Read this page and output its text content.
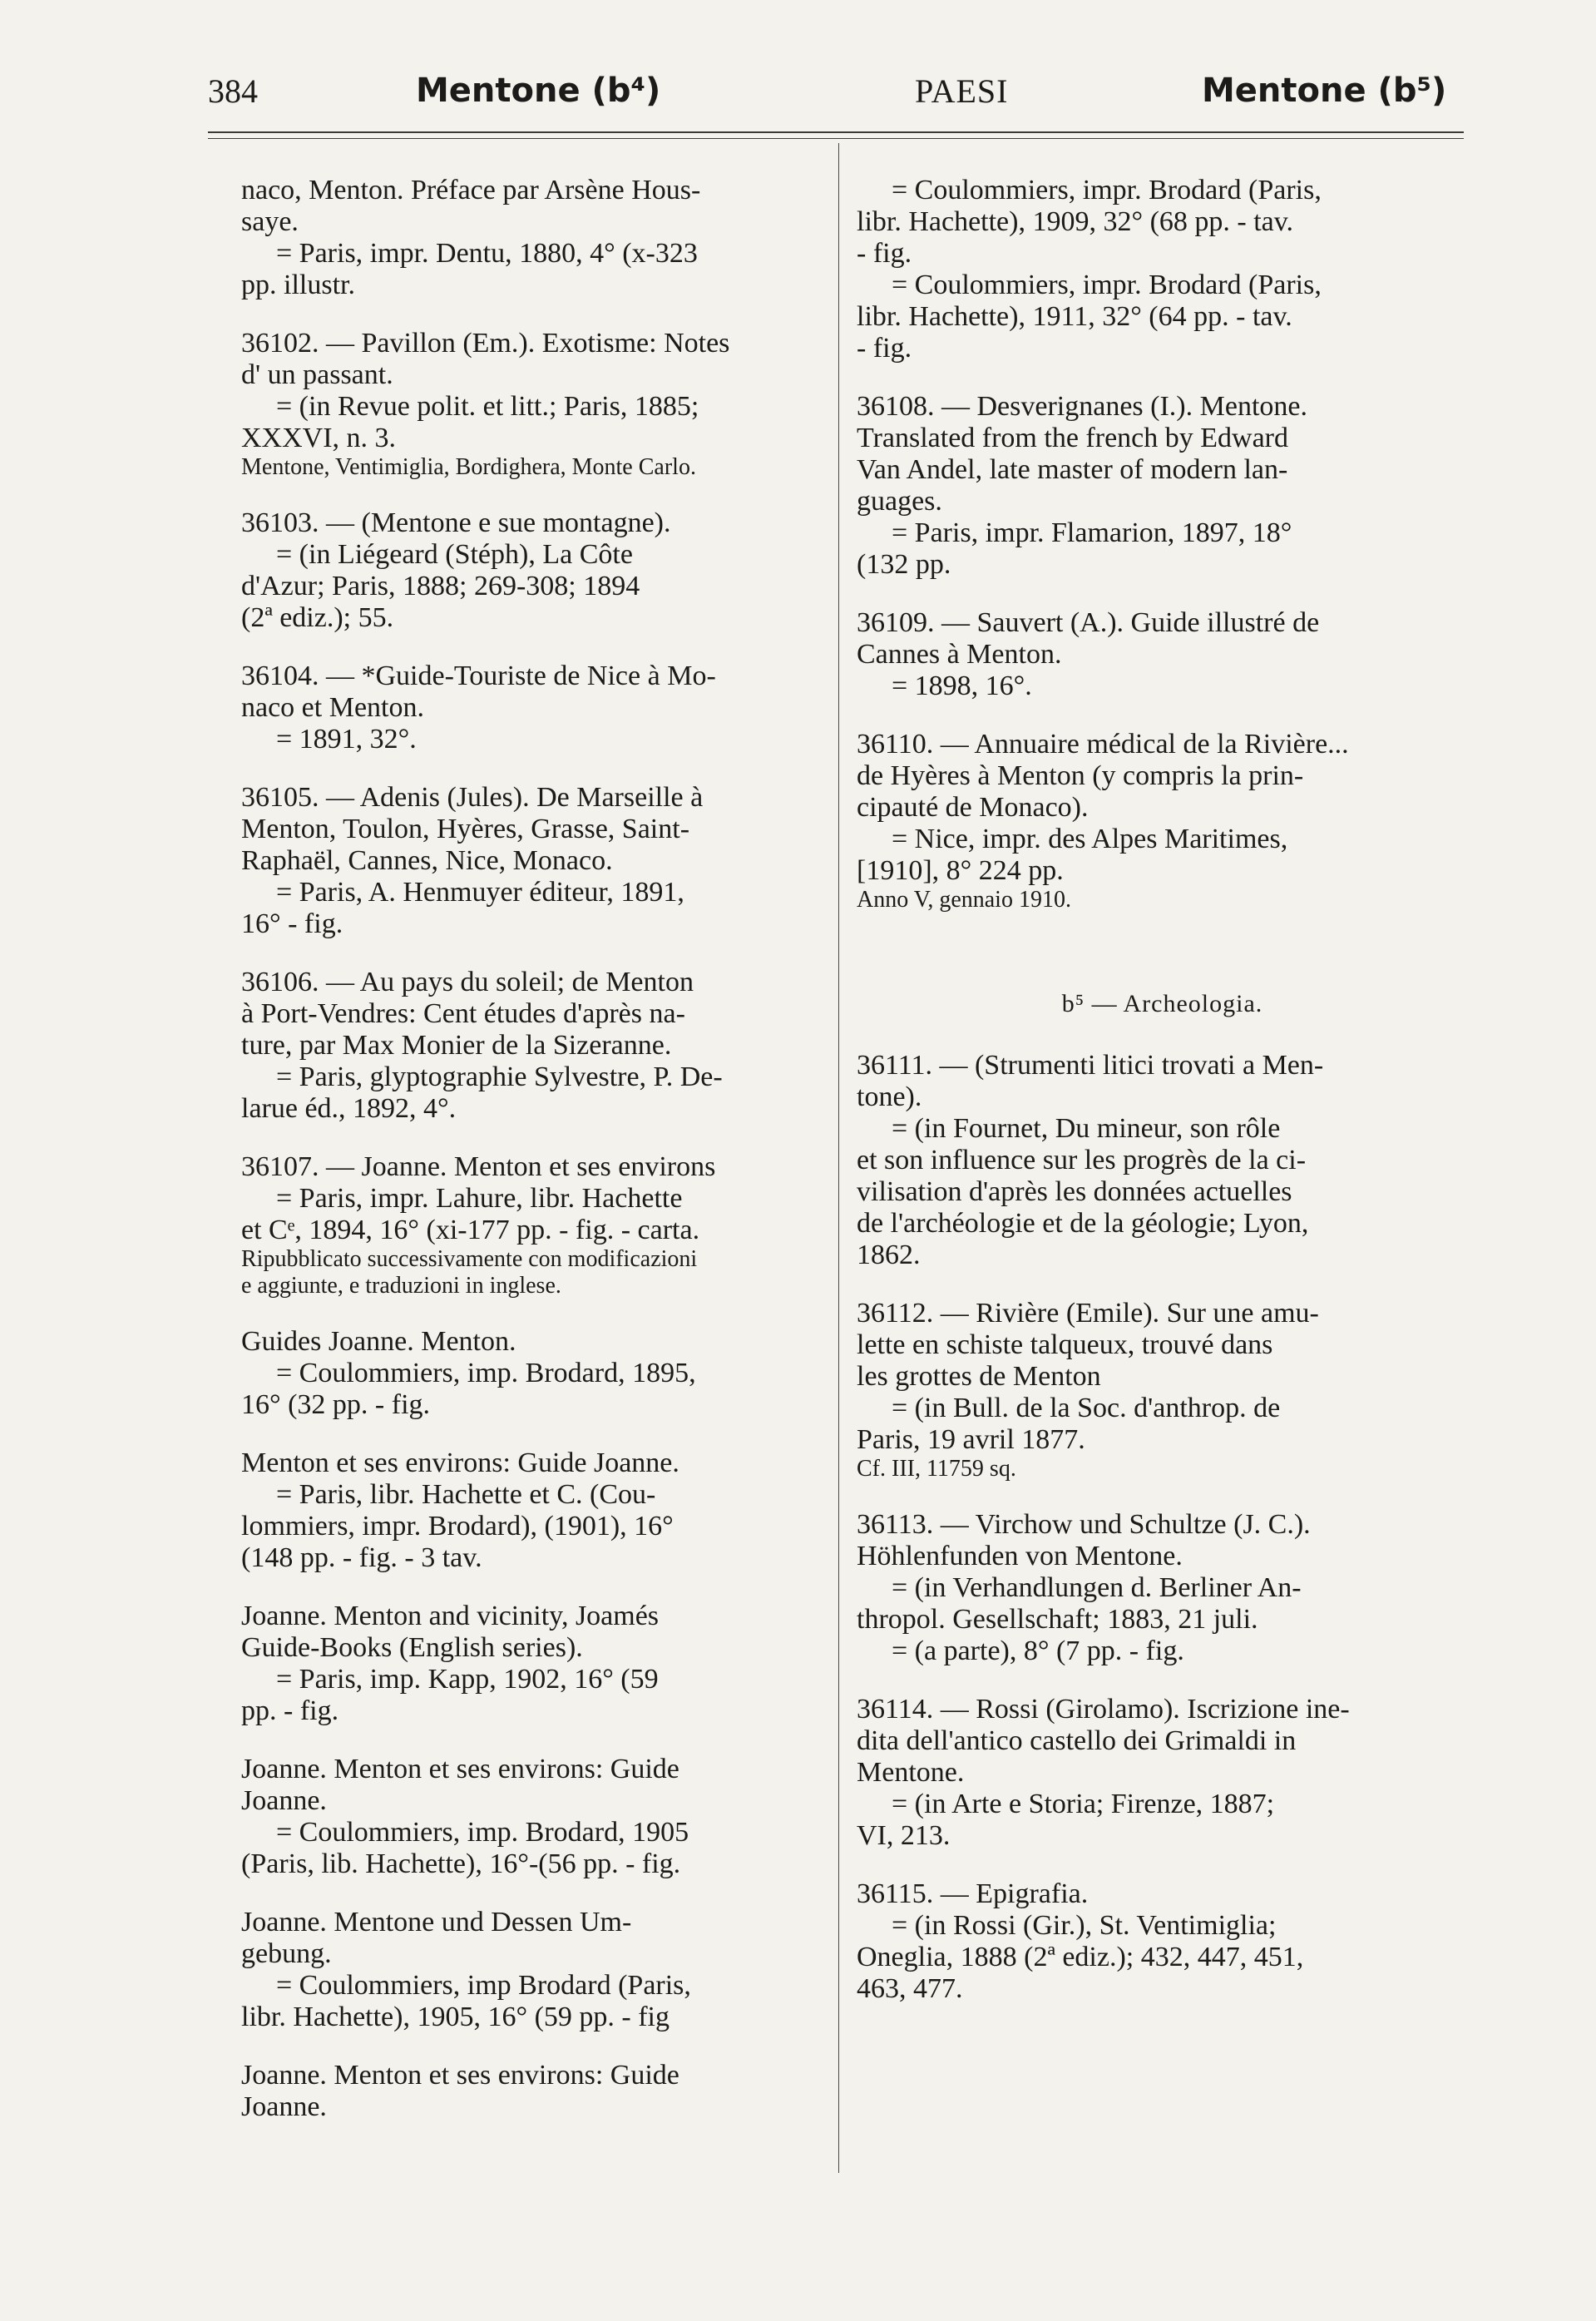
384	Mentone (b⁴)	PAESI	Mentone (b⁵)
naco, Menton. Préface par Arsène Hous-
saye.
= Paris, impr. Dentu, 1880, 4° (x-323
pp. illustr.
36102. — Pavillon (Em.). Exotisme: Notes
d' un passant.
= (in Revue polit. et litt.; Paris, 1885;
XXXVI, n. 3.
Mentone, Ventimiglia, Bordighera, Monte Carlo.
36103. — (Mentone e sue montagne).
= (in Liégeard (Stéph), La Côte
d'Azur; Paris, 1888; 269-308; 1894
(2ª ediz.); 55.
36104. — *Guide-Touriste de Nice à Mo-
naco et Menton.
= 1891, 32°.
36105. — Adenis (Jules). De Marseille à
Menton, Toulon, Hyères, Grasse, Saint-
Raphaël, Cannes, Nice, Monaco.
= Paris, A. Henmuyer éditeur, 1891,
16° - fig.
36106. — Au pays du soleil; de Menton
à Port-Vendres: Cent études d'après na-
ture, par Max Monier de la Sizeranne.
= Paris, glyptographie Sylvestre, P. De-
larue éd., 1892, 4°.
36107. — Joanne. Menton et ses environs
= Paris, impr. Lahure, libr. Hachette
et Cᵉ, 1894, 16° (xi-177 pp. - fig. - carta.
Ripubblicato successivamente con modificazioni
e aggiunte, e traduzioni in inglese.
Guides Joanne. Menton.
= Coulommiers, imp. Brodard, 1895,
16° (32 pp. - fig.
Menton et ses environs: Guide Joanne.
= Paris, libr. Hachette et C. (Cou-
lommiers, impr. Brodard), (1901), 16°
(148 pp. - fig. - 3 tav.
Joanne. Menton and vicinity, Joamés
Guide-Books (English series).
= Paris, imp. Kapp, 1902, 16° (59
pp. - fig.
Joanne. Menton et ses environs: Guide
Joanne.
= Coulommiers, imp. Brodard, 1905
(Paris, lib. Hachette), 16°-(56 pp. - fig.
Joanne. Mentone und Dessen Um-
gebung.
= Coulommiers, imp Brodard (Paris,
libr. Hachette), 1905, 16° (59 pp. - fig
Joanne. Menton et ses environs: Guide
Joanne.
= Coulommiers, impr. Brodard (Paris,
libr. Hachette), 1909, 32° (68 pp. - tav.
- fig.
= Coulommiers, impr. Brodard (Paris,
libr. Hachette), 1911, 32° (64 pp. - tav.
- fig.
36108. — Desverignanes (I.). Mentone.
Translated from the french by Edward
Van Andel, late master of modern lan-
guages.
= Paris, impr. Flamarion, 1897, 18°
(132 pp.
36109. — Sauvert (A.). Guide illustré de
Cannes à Menton.
= 1898, 16°.
36110. — Annuaire médical de la Rivière...
de Hyères à Menton (y compris la prin-
cipauté de Monaco).
= Nice, impr. des Alpes Maritimes,
[1910], 8° 224 pp.
Anno V, gennaio 1910.
b⁵ — Archeologia.
36111. — (Strumenti litici trovati a Men-
tone).
= (in Fournet, Du mineur, son rôle
et son influence sur les progrès de la ci-
vilisation d'après les données actuelles
de l'archéologie et de la géologie; Lyon,
1862.
36112. — Rivière (Emile). Sur une amu-
lette en schiste talqueux, trouvé dans
les grottes de Menton
= (in Bull. de la Soc. d'anthrop. de
Paris, 19 avril 1877.
Cf. III, 11759 sq.
36113. — Virchow und Schultze (J. C.).
Höhlenfunden von Mentone.
= (in Verhandlungen d. Berliner An-
thropol. Gesellschaft; 1883, 21 juli.
= (a parte), 8° (7 pp. - fig.
36114. — Rossi (Girolamo). Iscrizione ine-
dita dell'antico castello dei Grimaldi in
Mentone.
= (in Arte e Storia; Firenze, 1887;
VI, 213.
36115. — Epigrafia.
= (in Rossi (Gir.), St. Ventimiglia;
Oneglia, 1888 (2ª ediz.); 432, 447, 451,
463, 477.
